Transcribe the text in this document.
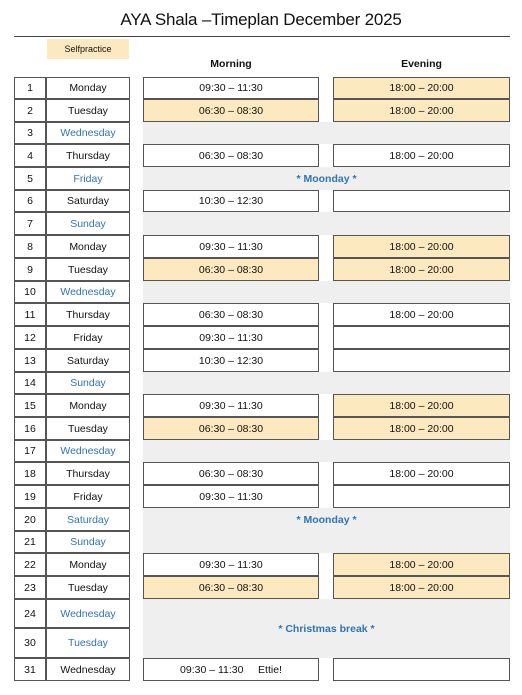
AYA Shala –Timeplan December 2025
Selfpractice
Morning	Evening
1	Monday	09:30 – 11:30	18:00 – 20:00
2	Tuesday	06:30 – 08:30	18:00 – 20:00
3	Wednesday
4	Thursday	06:30 – 08:30	18:00 – 20:00
5	Friday	* Moonday *
6	Saturday	10:30 – 12:30
7	Sunday
8	Monday	09:30 – 11:30	18:00 – 20:00
9	Tuesday	06:30 – 08:30	18:00 – 20:00
10	Wednesday
11	Thursday	06:30 – 08:30	18:00 – 20:00
12	Friday	09:30 – 11:30
13	Saturday	10:30 – 12:30
14	Sunday
15	Monday	09:30 – 11:30	18:00 – 20:00
16	Tuesday	06:30 – 08:30	18:00 – 20:00
17	Wednesday
18	Thursday	06:30 – 08:30	18:00 – 20:00
19	Friday	09:30 – 11:30
20	Saturday	* Moonday *
21	Sunday
22	Monday	09:30 – 11:30	18:00 – 20:00
23	Tuesday	06:30 – 08:30	18:00 – 20:00
24	Wednesday
* Christmas break *
30	Tuesday
31	Wednesday	09:30 – 11:30     Ettie!
